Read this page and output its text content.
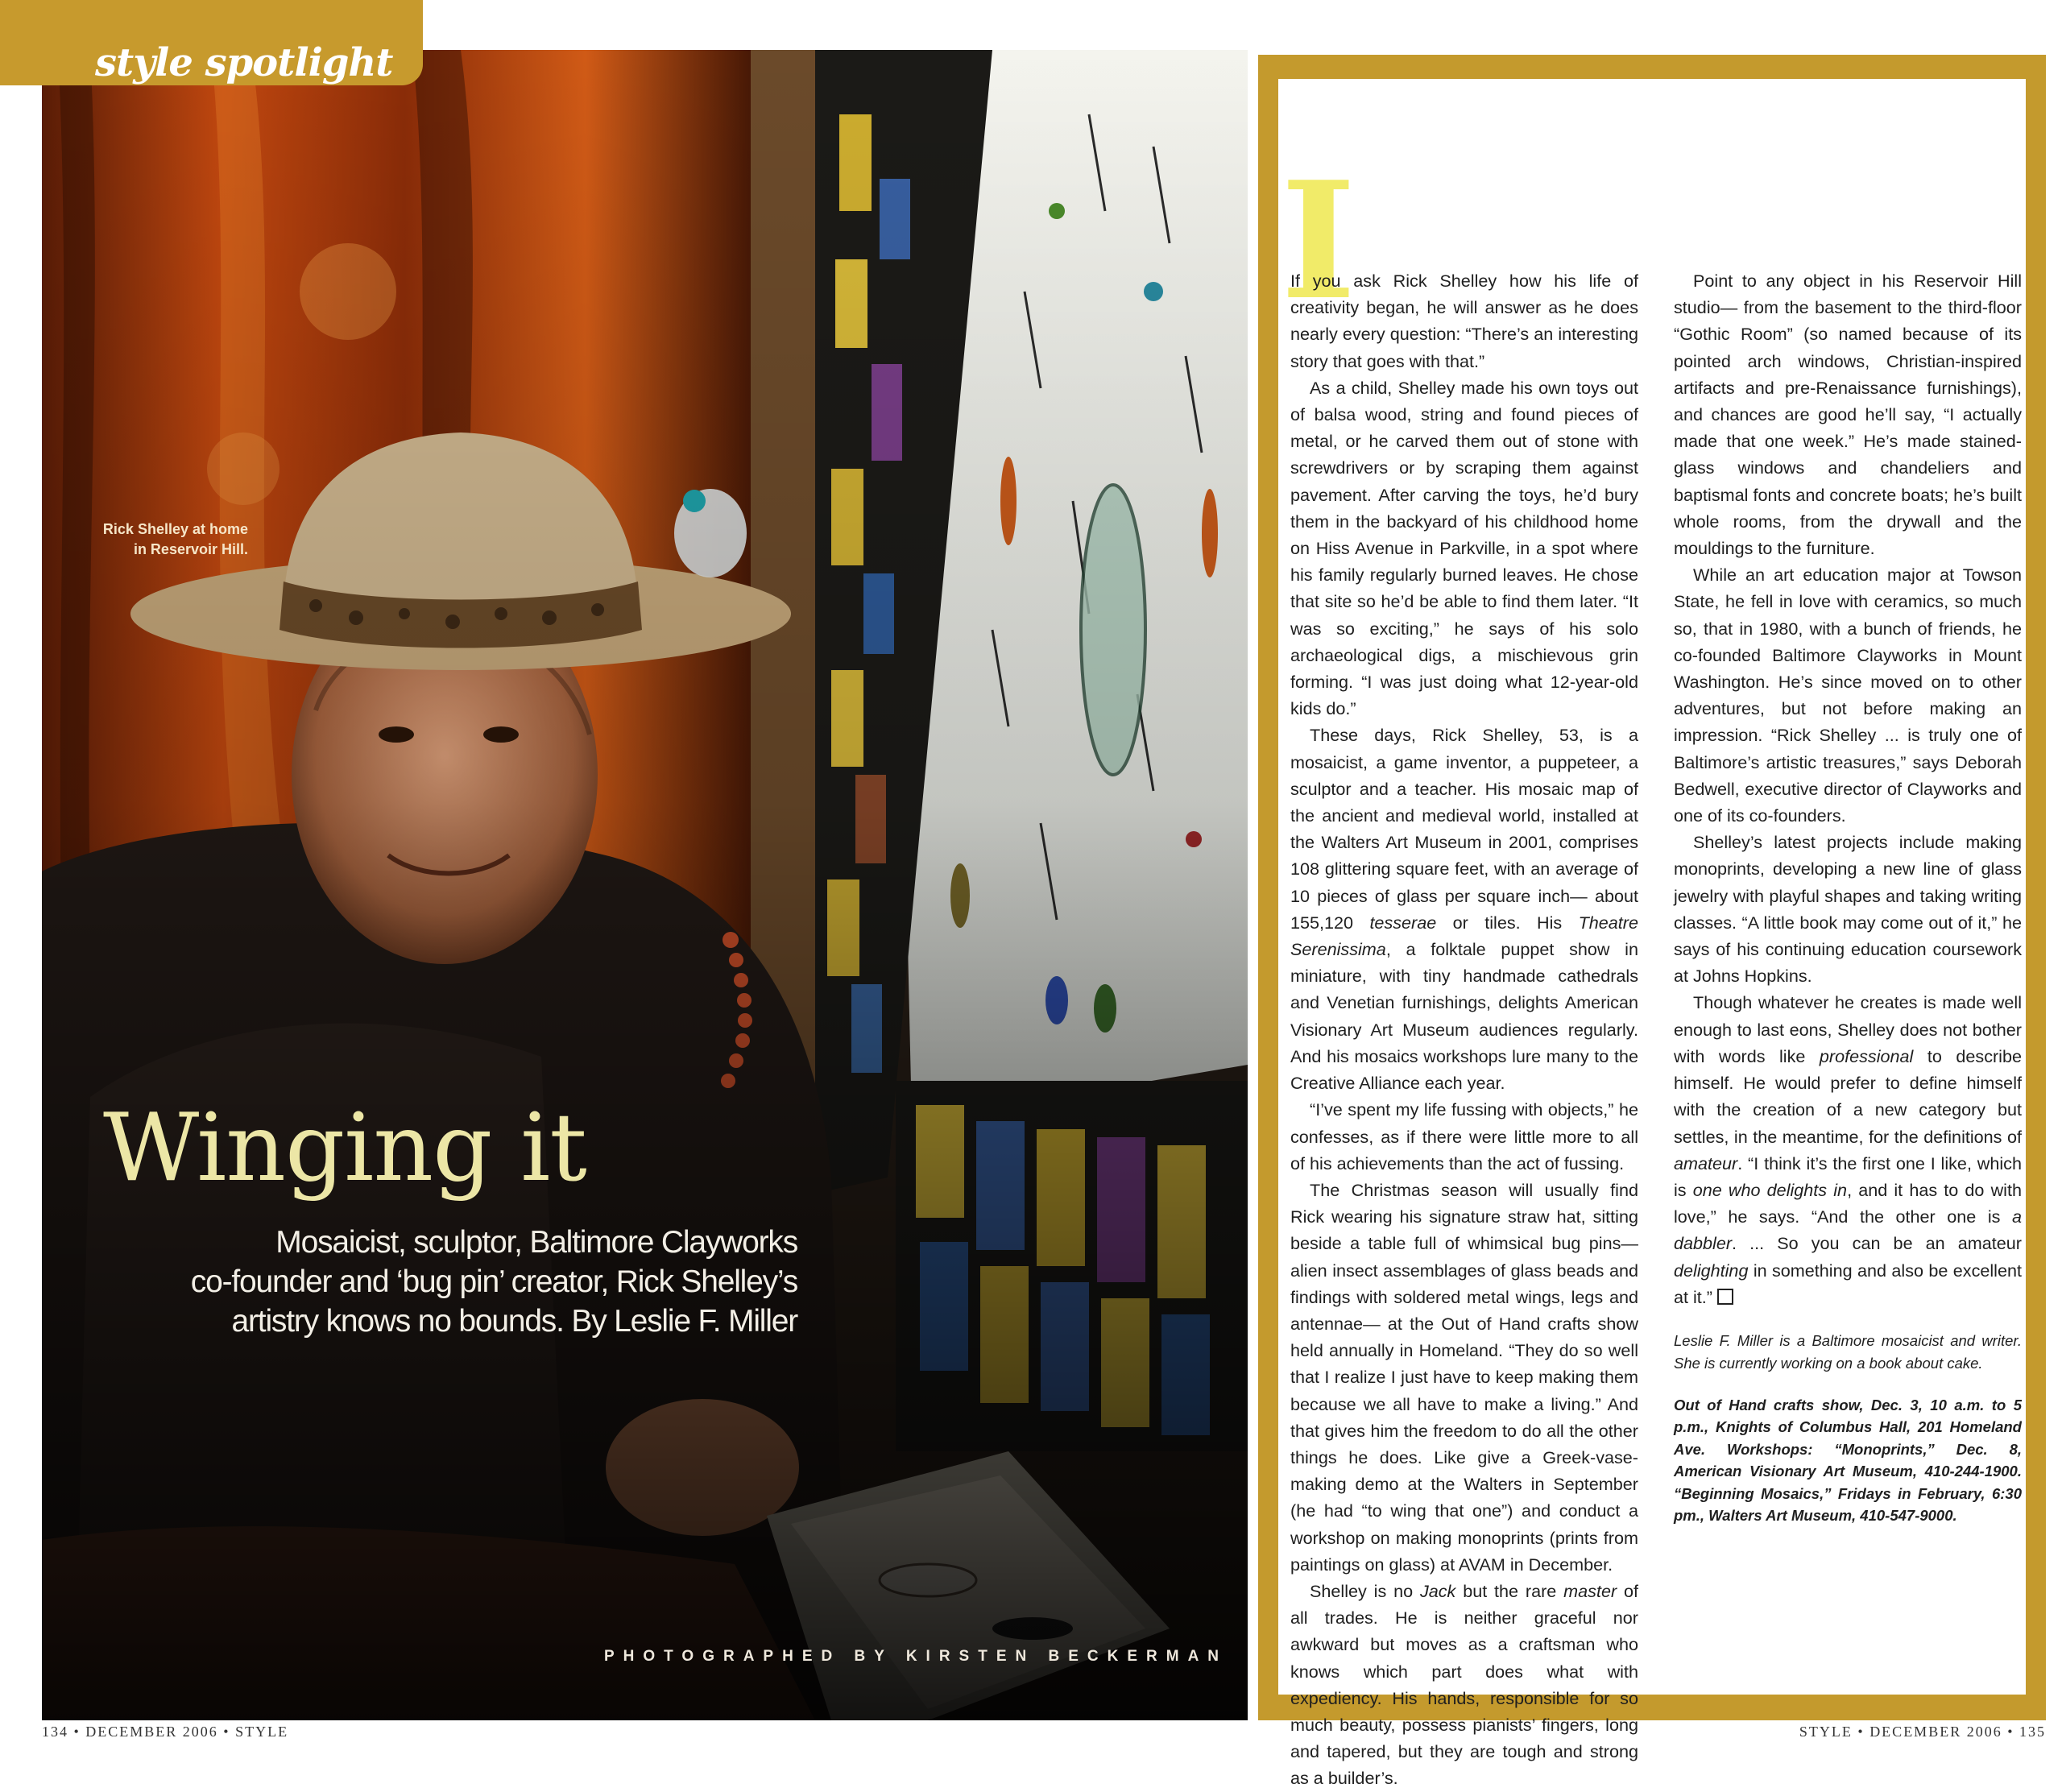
style spotlight
Rick Shelley at home
in Reservoir Hill.
Winging it
Mosaicist, sculptor, Baltimore Clayworks
co-founder and ‘bug pin’ creator, Rick Shelley’s
artistry knows no bounds. By Leslie F. Miller
PHOTOGRAPHED BY KIRSTEN BECKERMAN
134 • DECEMBER 2006 • STYLE
I

If you ask Rick Shelley how his life of creativity began, he will answer as he does nearly every question: “There’s an interesting story that goes with that.”

As a child, Shelley made his own toys out of balsa wood, string and found pieces of metal, or he carved them out of stone with screwdrivers or by scraping them against pavement. After carving the toys, he’d bury them in the backyard of his childhood home on Hiss Avenue in Parkville, in a spot where his family regularly burned leaves. He chose that site so he’d be able to find them later. “It was so exciting,” he says of his solo archaeological digs, a mischievous grin forming. “I was just doing what 12-year-old kids do.”

These days, Rick Shelley, 53, is a mosaicist, a game inventor, a puppeteer, a sculptor and a teacher. His mosaic map of the ancient and medieval world, installed at the Walters Art Museum in 2001, comprises 108 glittering square feet, with an average of 10 pieces of glass per square inch— about 155,120 tesserae or tiles. His Theatre Serenissima, a folktale puppet show in miniature, with tiny handmade cathedrals and Venetian furnishings, delights American Visionary Art Museum audiences regularly. And his mosaics workshops lure many to the Creative Alliance each year.

“I’ve spent my life fussing with objects,” he confesses, as if there were little more to all of his achievements than the act of fussing.

The Christmas season will usually find Rick wearing his signature straw hat, sitting beside a table full of whimsical bug pins— alien insect assemblages of glass beads and findings with soldered metal wings, legs and antennae— at the Out of Hand crafts show held annually in Homeland. “They do so well that I realize I just have to keep making them because we all have to make a living.” And that gives him the freedom to do all the other things he does. Like give a Greek-vase-making demo at the Walters in September (he had “to wing that one”) and conduct a workshop on making monoprints (prints from paintings on glass) at AVAM in December.

Shelley is no Jack but the rare master of all trades. He is neither graceful nor awkward but moves as a craftsman who knows which part does what with expediency. His hands, responsible for so much beauty, possess pianists’ fingers, long and tapered, but they are tough and strong as a builder’s.

Point to any object in his Reservoir Hill studio— from the basement to the third-floor “Gothic Room” (so named because of its pointed arch windows, Christian-inspired artifacts and pre-Renaissance furnishings), and chances are good he’ll say, “I actually made that one week.” He’s made stained-glass windows and chandeliers and baptismal fonts and concrete boats; he’s built whole rooms, from the drywall and the mouldings to the furniture.

While an art education major at Towson State, he fell in love with ceramics, so much so, that in 1980, with a bunch of friends, he co-founded Baltimore Clayworks in Mount Washington. He’s since moved on to other adventures, but not before making an impression. “Rick Shelley ... is truly one of Baltimore’s artistic treasures,” says Deborah Bedwell, executive director of Clayworks and one of its co-founders.

Shelley’s latest projects include making monoprints, developing a new line of glass jewelry with playful shapes and taking writing classes. “A little book may come out of it,” he says of his continuing education coursework at Johns Hopkins.

Though whatever he creates is made well enough to last eons, Shelley does not bother with words like professional to describe himself. He would prefer to define himself with the creation of a new category but settles, in the meantime, for the definitions of amateur. “I think it’s the first one I like, which is one who delights in, and it has to do with love,” he says. “And the other one is a dabbler. ... So you can be an amateur delighting in something and also be excellent at it.”

Leslie F. Miller is a Baltimore mosaicist and writer. She is currently working on a book about cake.

Out of Hand crafts show, Dec. 3, 10 a.m. to 5 p.m., Knights of Columbus Hall, 201 Homeland Ave. Workshops: “Monoprints,” Dec. 8, American Visionary Art Museum, 410-244-1900. “Beginning Mosaics,” Fridays in February, 6:30 pm., Walters Art Museum, 410-547-9000.

STYLE • DECEMBER 2006 • 135
